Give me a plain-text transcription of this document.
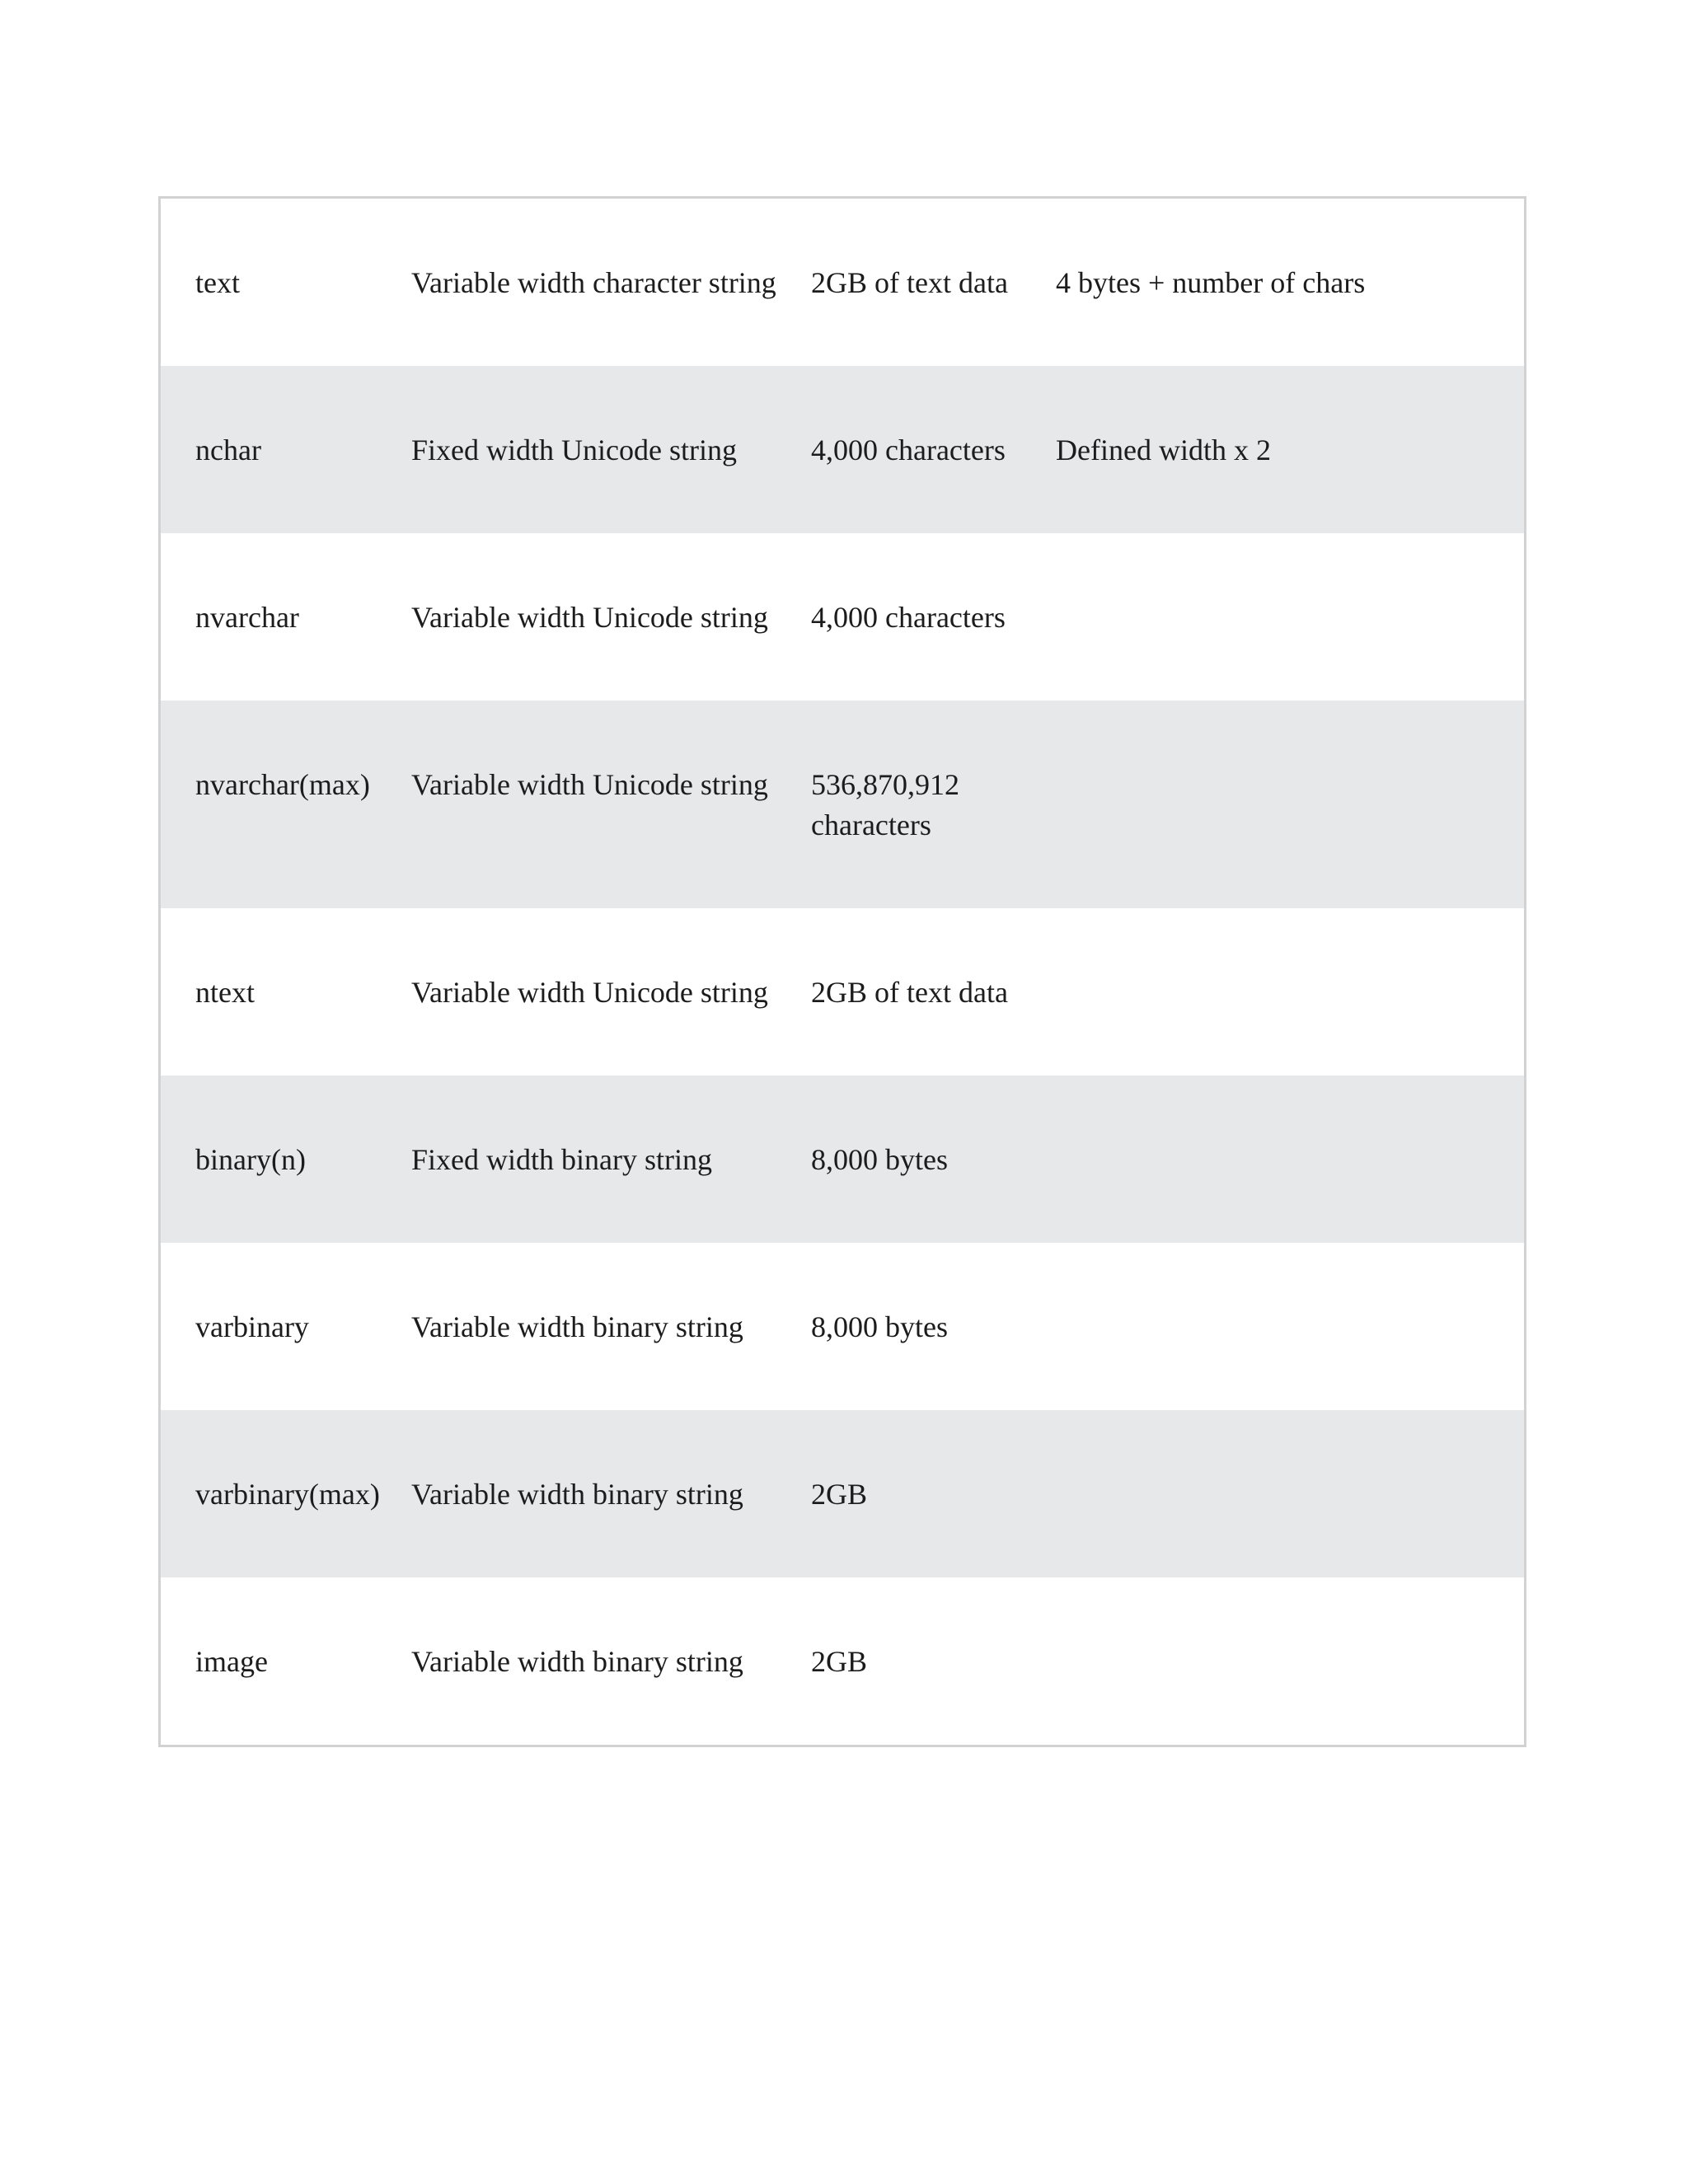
text	Variable width character string	2GB of text data	4 bytes + number of chars
nchar	Fixed width Unicode string	4,000 characters	Defined width x 2
nvarchar	Variable width Unicode string	4,000 characters	
nvarchar(max)	Variable width Unicode string	536,870,912 characters	
ntext	Variable width Unicode string	2GB of text data	
binary(n)	Fixed width binary string	8,000 bytes	
varbinary	Variable width binary string	8,000 bytes	
varbinary(max)	Variable width binary string	2GB	
image	Variable width binary string	2GB	
